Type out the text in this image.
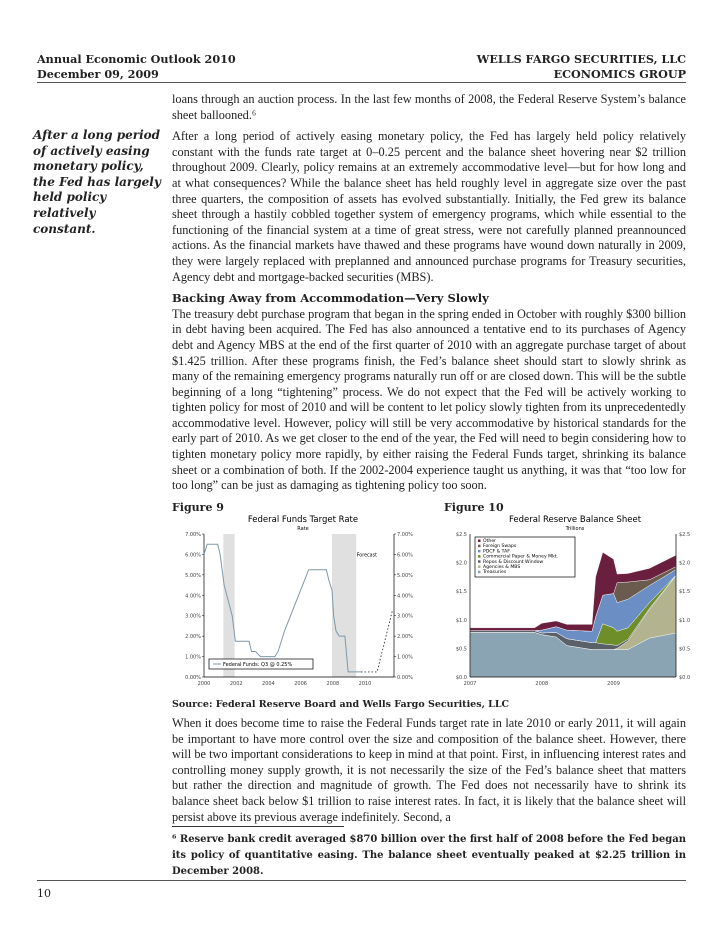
Annual Economic Outlook 2010
December 09, 2009
WELLS FARGO SECURITIES, LLC
ECONOMICS GROUP
After a long period of actively easing monetary policy, the Fed has largely held policy relatively constant.

loans through an auction process. In the last few months of 2008, the Federal Reserve System’s balance sheet ballooned.⁶

After a long period of actively easing monetary policy, the Fed has largely held policy relatively constant with the funds rate target at 0–0.25 percent and the balance sheet hovering near $2 trillion throughout 2009. Clearly, policy remains at an extremely accommodative level—but for how long and at what consequences? While the balance sheet has held roughly level in aggregate size over the past three quarters, the composition of assets has evolved substantially. Initially, the Fed grew its balance sheet through a hastily cobbled together system of emergency programs, which while essential to the functioning of the financial system at a time of great stress, were not carefully planned preannounced actions. As the financial markets have thawed and these programs have wound down naturally in 2009, they were largely replaced with preplanned and announced purchase programs for Treasury securities, Agency debt and mortgage-backed securities (MBS).

Backing Away from Accommodation—Very Slowly

The treasury debt purchase program that began in the spring ended in October with roughly $300 billion in debt having been acquired. The Fed has also announced a tentative end to its purchases of Agency debt and Agency MBS at the end of the first quarter of 2010 with an aggregate purchase target of about $1.425 trillion. After these programs finish, the Fed’s balance sheet should start to slowly shrink as many of the remaining emergency programs naturally run off or are closed down. This will be the subtle beginning of a long “tightening” process. We do not expect that the Fed will be actively working to tighten policy for most of 2010 and will be content to let policy slowly tighten from its unprecedentedly accommodative level. However, policy will still be very accommodative by historical standards for the early part of 2010. As we get closer to the end of the year, the Fed will need to begin considering how to tighten monetary policy more rapidly, by either raising the Federal Funds target, shrinking its balance sheet or a combination of both. If the 2002-2004 experience taught us anything, it was that “too low for too long” can be just as damaging as tightening policy too soon.

Figure 9
Federal Funds Target Rate
Rate
0.00%	0.00%
1.00%	1.00%
2.00%	2.00%
3.00%	3.00%
4.00%	4.00%
5.00%	5.00%
6.00%	6.00%
7.00%	7.00%
2000	2002	2004	2006	2008	2010
Forecast
Federal Funds: Q3 @ 0.25%
Figure 10
Federal Reserve Balance Sheet
Trillions
$0.0	$0.0
$0.5	$0.5
$1.0	$1.0
$1.5	$1.5
$2.0	$2.0
$2.5	$2.5
2007	2008	2009
Other
Foreign Swaps
PDCF & TAF
Commercial Paper & Money Mkt.
Repos & Discount Window
Agencies & MBS
Treasuries
Source: Federal Reserve Board and Wells Fargo Securities, LLC

When it does become time to raise the Federal Funds target rate in late 2010 or early 2011, it will again be important to have more control over the size and composition of the balance sheet. However, there will be two important considerations to keep in mind at that point. First, in influencing interest rates and controlling money supply growth, it is not necessarily the size of the Fed’s balance sheet that matters but rather the direction and magnitude of growth. The Fed does not necessarily have to shrink its balance sheet back below $1 trillion to raise interest rates. In fact, it is likely that the balance sheet will persist above its previous average indefinitely. Second, a

⁶ Reserve bank credit averaged $870 billion over the first half of 2008 before the Fed began its policy of quantitative easing. The balance sheet eventually peaked at $2.25 trillion in December 2008.
10
